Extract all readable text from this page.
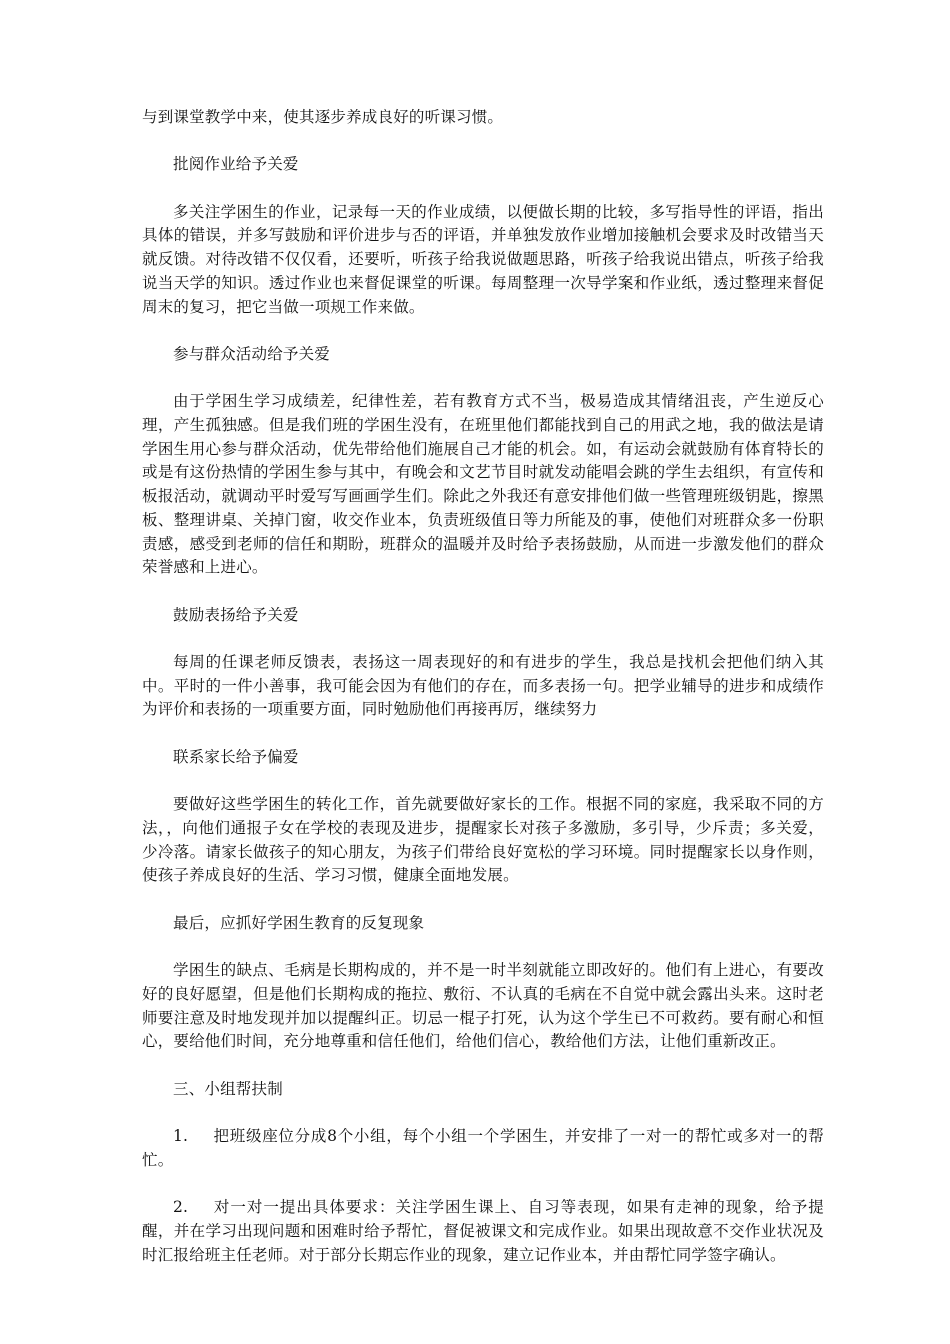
与到课堂教学中来，使其逐步养成良好的听课习惯。

批阅作业给予关爱

多关注学困生的作业，记录每一天的作业成绩，以便做长期的比较，多写指导性的评语，指出具体的错误，并多写鼓励和评价进步与否的评语，并单独发放作业增加接触机会要求及时改错当天就反馈。对待改错不仅仅看，还要听，听孩子给我说做题思路，听孩子给我说出错点，听孩子给我说当天学的知识。透过作业也来督促课堂的听课。每周整理一次导学案和作业纸，透过整理来督促周末的复习，把它当做一项规工作来做。

参与群众活动给予关爱

由于学困生学习成绩差，纪律性差，若有教育方式不当，极易造成其情绪沮丧，产生逆反心理，产生孤独感。但是我们班的学困生没有，在班里他们都能找到自己的用武之地，我的做法是请学困生用心参与群众活动，优先带给他们施展自己才能的机会。如，有运动会就鼓励有体育特长的或是有这份热情的学困生参与其中，有晚会和文艺节目时就发动能唱会跳的学生去组织，有宣传和板报活动，就调动平时爱写写画画学生们。除此之外我还有意安排他们做一些管理班级钥匙，擦黑板、整理讲桌、关掉门窗，收交作业本，负责班级值日等力所能及的事，使他们对班群众多一份职责感，感受到老师的信任和期盼，班群众的温暖并及时给予表扬鼓励，从而进一步激发他们的群众荣誉感和上进心。

鼓励表扬给予关爱

每周的任课老师反馈表，表扬这一周表现好的和有进步的学生，我总是找机会把他们纳入其中。平时的一件小善事，我可能会因为有他们的存在，而多表扬一句。把学业辅导的进步和成绩作为评价和表扬的一项重要方面，同时勉励他们再接再厉，继续努力

联系家长给予偏爱

要做好这些学困生的转化工作，首先就要做好家长的工作。根据不同的家庭，我采取不同的方法，，向他们通报子女在学校的表现及进步，提醒家长对孩子多激励，多引导，少斥责；多关爱，少冷落。请家长做孩子的知心朋友，为孩子们带给良好宽松的学习环境。同时提醒家长以身作则，使孩子养成良好的生活、学习习惯，健康全面地发展。

最后，应抓好学困生教育的反复现象

学困生的缺点、毛病是长期构成的，并不是一时半刻就能立即改好的。他们有上进心，有要改好的良好愿望，但是他们长期构成的拖拉、敷衍、不认真的毛病在不自觉中就会露出头来。这时老师要注意及时地发现并加以提醒纠正。切忌一棍子打死，认为这个学生已不可救药。要有耐心和恒心，要给他们时间，充分地尊重和信任他们，给他们信心，教给他们方法，让他们重新改正。

三、小组帮扶制

1. 把班级座位分成8个小组，每个小组一个学困生，并安排了一对一的帮忙或多对一的帮忙。

2. 对一对一提出具体要求：关注学困生课上、自习等表现，如果有走神的现象，给予提醒，并在学习出现问题和困难时给予帮忙，督促被课文和完成作业。如果出现故意不交作业状况及时汇报给班主任老师。对于部分长期忘作业的现象，建立记作业本，并由帮忙同学签字确认。
